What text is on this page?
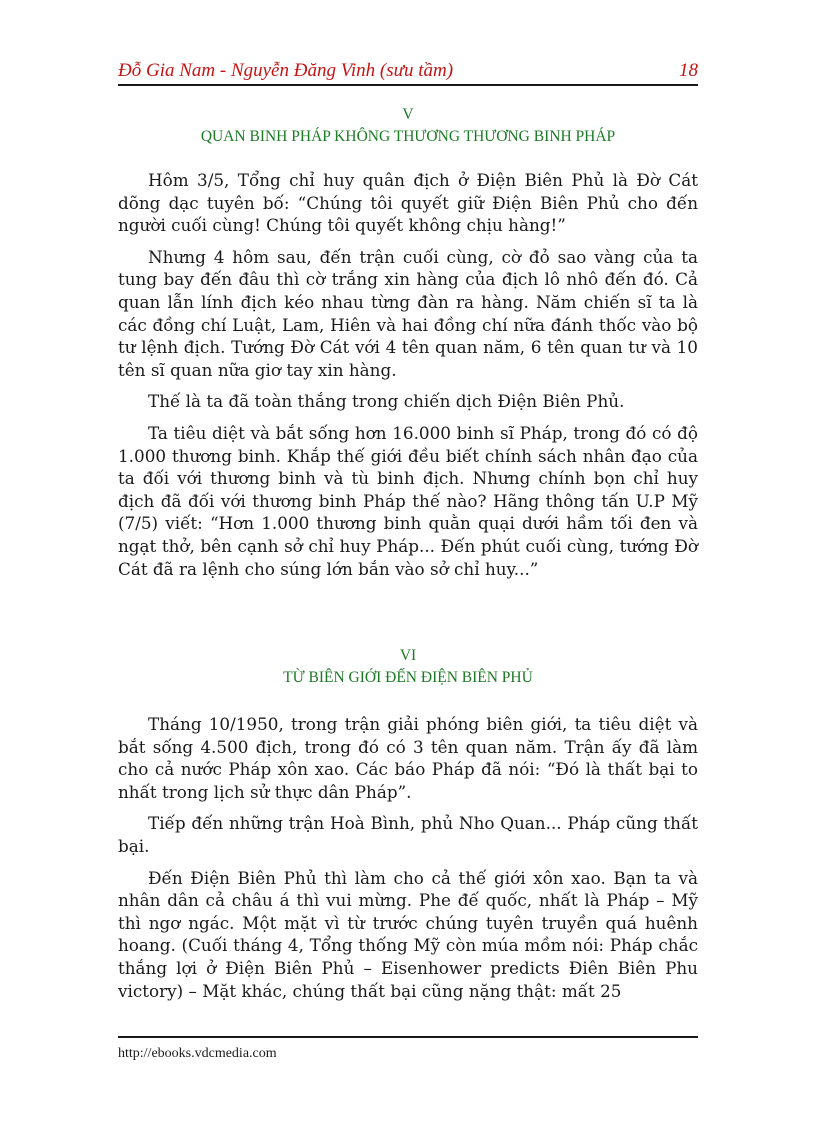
Đỗ Gia Nam - Nguyễn Đăng Vinh (sưu tầm)	18
V
QUAN BINH PHÁP KHÔNG THƯƠNG THƯƠNG BINH PHÁP

Hôm 3/5, Tổng chỉ huy quân địch ở Điện Biên Phủ là Đờ Cát dõng dạc tuyên bố: “Chúng tôi quyết giữ Điện Biên Phủ cho đến người cuối cùng! Chúng tôi quyết không chịu hàng!”

Nhưng 4 hôm sau, đến trận cuối cùng, cờ đỏ sao vàng của ta tung bay đến đâu thì cờ trắng xin hàng của địch lô nhô đến đó. Cả quan lẫn lính địch kéo nhau từng đàn ra hàng. Năm chiến sĩ ta là các đồng chí Luật, Lam, Hiên và hai đồng chí nữa đánh thốc vào bộ tư lệnh địch. Tướng Đờ Cát với 4 tên quan năm, 6 tên quan tư và 10 tên sĩ quan nữa giơ tay xin hàng.

Thế là ta đã toàn thắng trong chiến dịch Điện Biên Phủ.

Ta tiêu diệt và bắt sống hơn 16.000 binh sĩ Pháp, trong đó có độ 1.000 thương binh. Khắp thế giới đều biết chính sách nhân đạo của ta đối với thương binh và tù binh địch. Nhưng chính bọn chỉ huy địch đã đối với thương binh Pháp thế nào? Hãng thông tấn U.P Mỹ (7/5) viết: “Hơn 1.000 thương binh quằn quại dưới hầm tối đen và ngạt thở, bên cạnh sở chỉ huy Pháp... Đến phút cuối cùng, tướng Đờ Cát đã ra lệnh cho súng lớn bắn vào sở chỉ huy...”

VI
TỪ BIÊN GIỚI ĐẾN ĐIỆN BIÊN PHỦ

Tháng 10/1950, trong trận giải phóng biên giới, ta tiêu diệt và bắt sống 4.500 địch, trong đó có 3 tên quan năm. Trận ấy đã làm cho cả nước Pháp xôn xao. Các báo Pháp đã nói: “Đó là thất bại to nhất trong lịch sử thực dân Pháp”.

Tiếp đến những trận Hoà Bình, phủ Nho Quan... Pháp cũng thất bại.

Đến Điện Biên Phủ thì làm cho cả thế giới xôn xao. Bạn ta và nhân dân cả châu á thì vui mừng. Phe đế quốc, nhất là Pháp – Mỹ thì ngơ ngác. Một mặt vì từ trước chúng tuyên truyền quá huênh hoang. (Cuối tháng 4, Tổng thống Mỹ còn múa mồm nói: Pháp chắc thắng lợi ở Điện Biên Phủ – Eisenhower predicts Điên Biên Phu victory) – Mặt khác, chúng thất bại cũng nặng thật: mất 25

http://ebooks.vdcmedia.com
